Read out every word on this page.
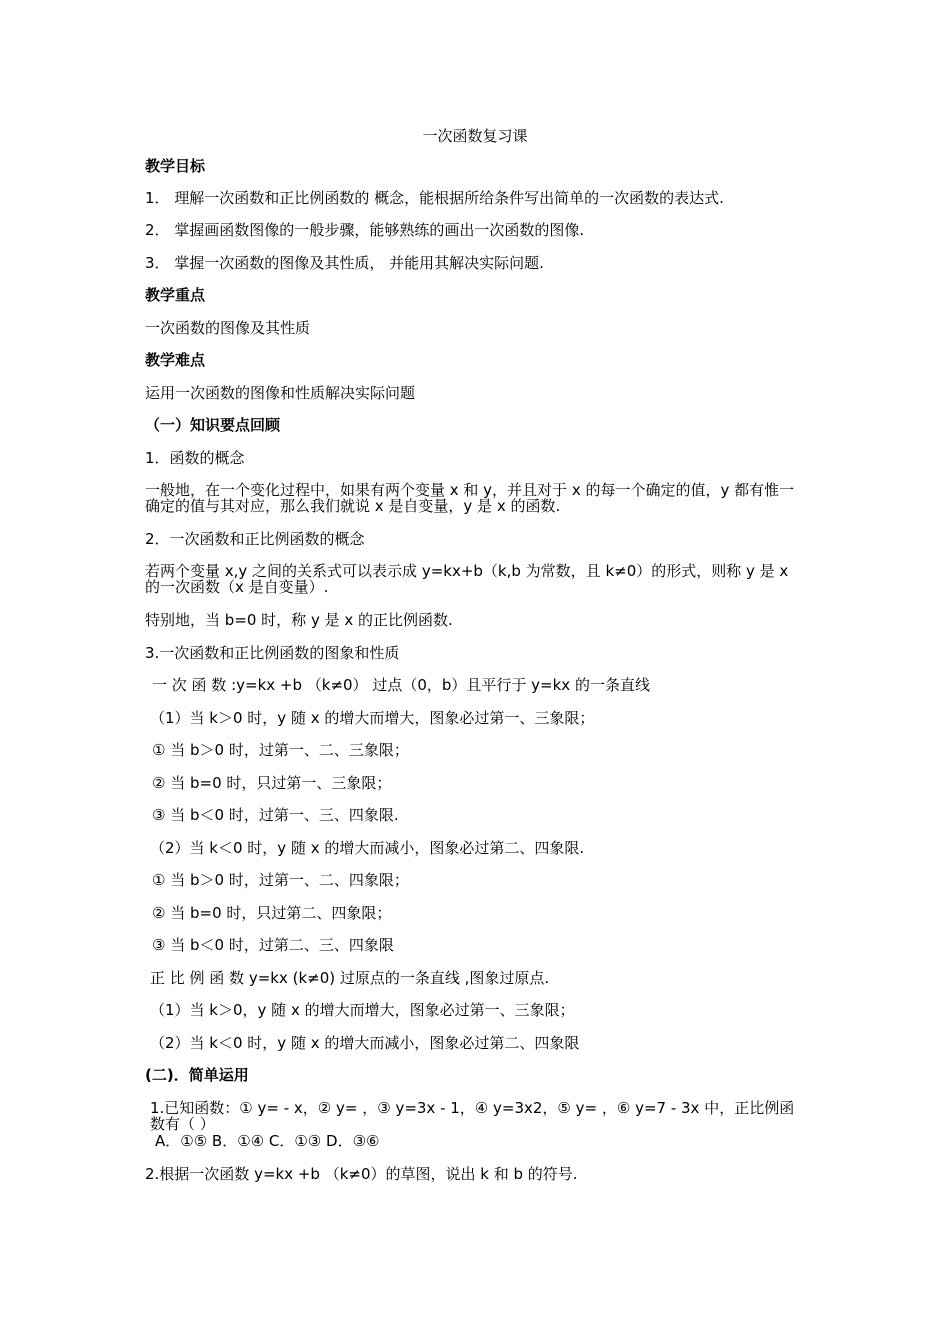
一次函数复习课
教学目标
1． 理解一次函数和正比例函数的 概念，能根据所给条件写出简单的一次函数的表达式.
2． 掌握画函数图像的一般步骤，能够熟练的画出一次函数的图像.
3． 掌握一次函数的图像及其性质， 并能用其解决实际问题.
教学重点
一次函数的图像及其性质
教学难点
运用一次函数的图像和性质解决实际问题
（一）知识要点回顾
1．函数的概念
一般地，在一个变化过程中，如果有两个变量 x 和 y，并且对于 x 的每一个确定的值，y 都有惟一确定的值与其对应，那么我们就说 x 是自变量，y 是 x 的函数.
2．一次函数和正比例函数的概念
若两个变量 x,y 之间的关系式可以表示成 y=kx+b（k,b 为常数，且 k≠0）的形式，则称 y 是 x 的一次函数（x 是自变量）.
特别地，当 b=0 时，称 y 是 x 的正比例函数.
3.一次函数和正比例函数的图象和性质
一 次 函 数 :y=kx +b （k≠0） 过点（0，b）且平行于 y=kx 的一条直线
（1）当 k＞0 时，y 随 x 的增大而增大，图象必过第一、三象限；
① 当 b＞0 时，过第一、二、三象限；
② 当 b=0 时，只过第一、三象限；
③ 当 b＜0 时，过第一、三、四象限.
（2）当 k＜0 时，y 随 x 的增大而减小，图象必过第二、四象限.
① 当 b＞0 时，过第一、二、四象限；
② 当 b=0 时，只过第二、四象限；
③ 当 b＜0 时，过第二、三、四象限
正 比 例 函 数 y=kx (k≠0) 过原点的一条直线 ,图象过原点.
（1）当 k＞0，y 随 x 的增大而增大，图象必过第一、三象限；
（2）当 k＜0 时，y 随 x 的增大而减小，图象必过第二、四象限
(二)．简单运用
1.已知函数：① y= - x，② y= ，③ y=3x - 1，④ y=3x2，⑤ y= ，⑥ y=7 - 3x 中，正比例函数有（ ）
A．①⑤ B．①④ C．①③ D．③⑥
2.根据一次函数 y=kx +b （k≠0）的草图，说出 k 和 b 的符号.
